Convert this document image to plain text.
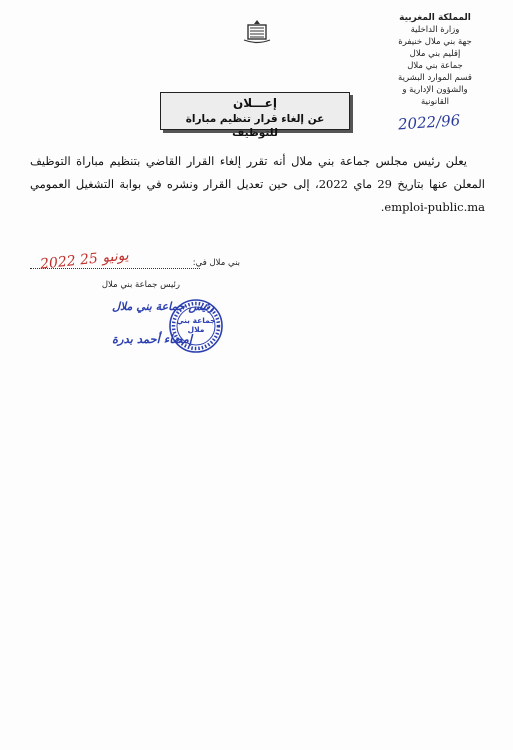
المملكة المغربية
وزارة الداخلية
جهة بني ملال خنيفرة
إقليم بني ملال
جماعة بني ملال
قسم الموارد البشرية
والشؤون الإدارية و
القانونية
2022/96
إعـــلان
عن إلغاء قرار تنظيم مباراة للتوظيف

يعلن رئيس مجلس جماعة بني ملال أنه تقرر إلغاء القرار القاضي بتنظيم مباراة التوظيف المعلن عنها بتاريخ 29 ماي 2022، إلى حين تعديل القرار ونشره في بوابة التشغيل العمومي emploi-public.ma.

بني ملال في:
2022 يونيو 25
رئيس جماعة بني ملال
رئيس جماعة بني ملال
إمضاء أحمد بدرة
جماعة بني ملال
